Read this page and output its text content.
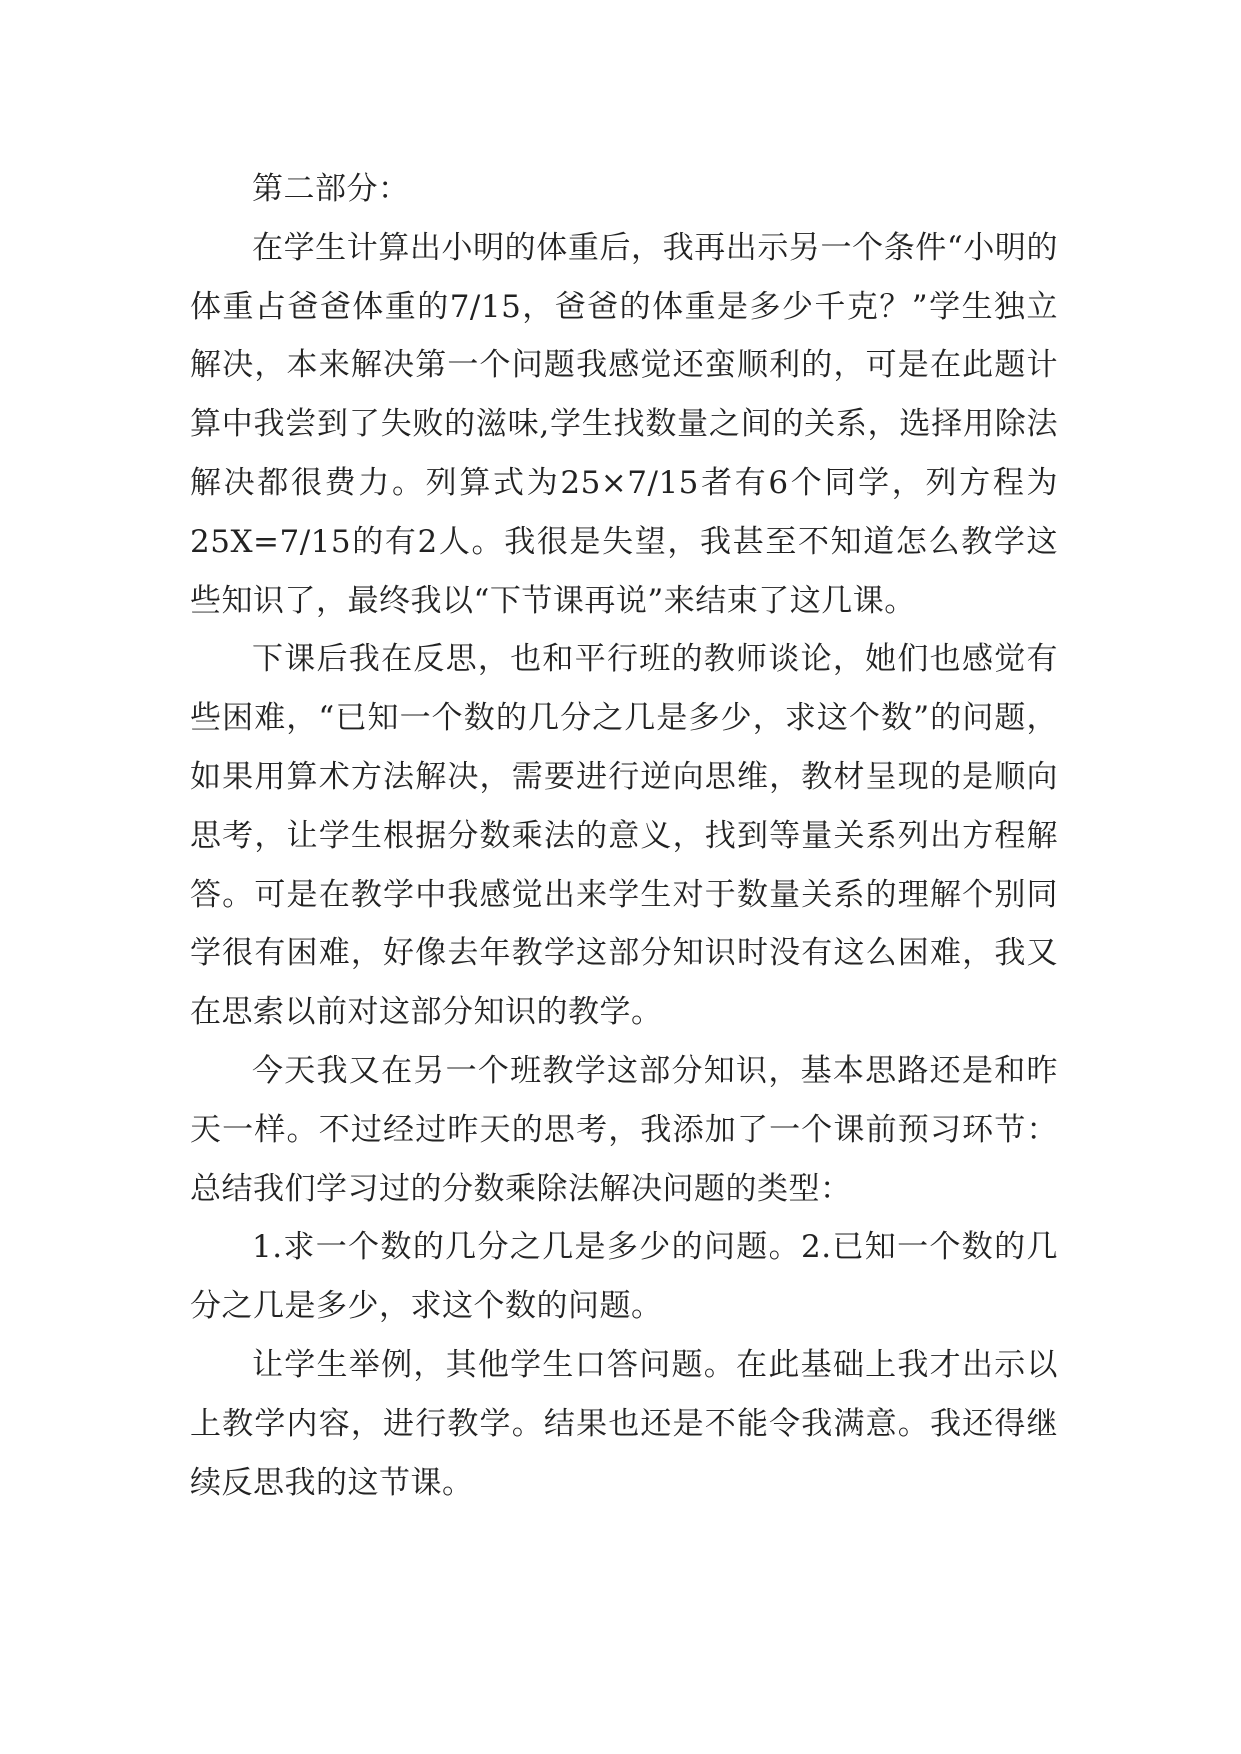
第二部分：

在学生计算出小明的体重后，我再出示另一个条件“小明的体重占爸爸体重的7/15，爸爸的体重是多少千克？”学生独立解决，本来解决第一个问题我感觉还蛮顺利的，可是在此题计算中我尝到了失败的滋味,学生找数量之间的关系，选择用除法解决都很费力。列算式为25×7/15者有6个同学，列方程为25X=7/15的有2人。我很是失望，我甚至不知道怎么教学这些知识了，最终我以“下节课再说”来结束了这几课。

下课后我在反思，也和平行班的教师谈论，她们也感觉有些困难，“已知一个数的几分之几是多少，求这个数”的问题，如果用算术方法解决，需要进行逆向思维，教材呈现的是顺向思考，让学生根据分数乘法的意义，找到等量关系列出方程解答。可是在教学中我感觉出来学生对于数量关系的理解个别同学很有困难，好像去年教学这部分知识时没有这么困难，我又在思索以前对这部分知识的教学。

今天我又在另一个班教学这部分知识，基本思路还是和昨天一样。不过经过昨天的思考，我添加了一个课前预习环节：总结我们学习过的分数乘除法解决问题的类型：

1.求一个数的几分之几是多少的问题。2.已知一个数的几分之几是多少，求这个数的问题。

让学生举例，其他学生口答问题。在此基础上我才出示以上教学内容，进行教学。结果也还是不能令我满意。我还得继续反思我的这节课。
